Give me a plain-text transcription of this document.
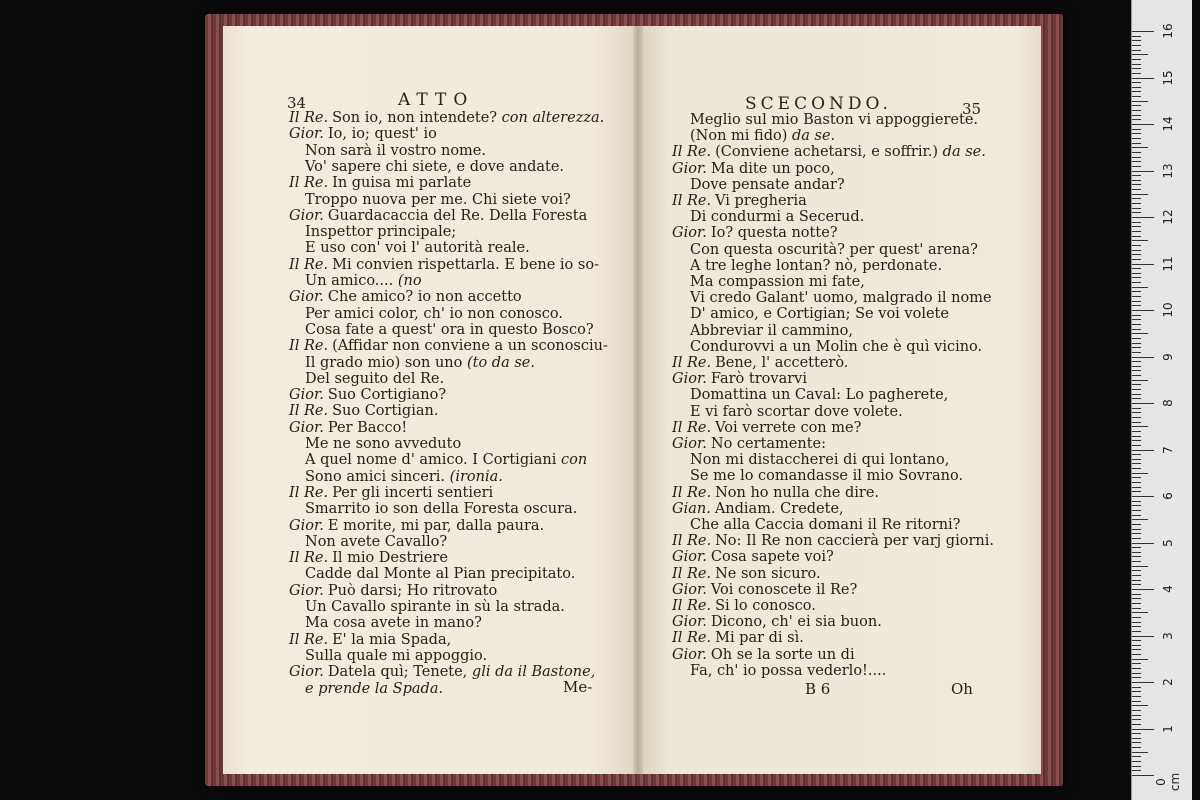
34	ATTO	SCECONDO.	35
Il Re. Son io, non intendete? con alterezza.
Gior. Io, io; quest' io
Non sarà il vostro nome.
Vo' sapere chi siete, e dove andate.
Il Re. In guisa mi parlate
Troppo nuova per me. Chi siete voi?
Gior. Guardacaccia del Re. Della Foresta
Inspettor principale;
E uso con' voi l' autorità reale.
Il Re. Mi convien rispettarla. E bene io so-
Un amico.... (no
Gior. Che amico? io non accetto
Per amici color, ch' io non conosco.
Cosa fate a quest' ora in questo Bosco?
Il Re. (Affidar non conviene a un sconosciu-
Il grado mio) son uno (to da se.
Del seguito del Re.
Gior. Suo Cortigiano?
Il Re. Suo Cortigian.
Gior. Per Bacco!
Me ne sono avveduto
A quel nome d' amico. I Cortigiani con
Sono amici sinceri. (ironia.
Il Re. Per gli incerti sentieri
Smarrito io son della Foresta oscura.
Gior. E morite, mi par, dalla paura.
Non avete Cavallo?
Il Re. Il mio Destriere
Cadde dal Monte al Pian precipitato.
Gior. Può darsi; Ho ritrovato
Un Cavallo spirante in sù la strada.
Ma cosa avete in mano?
Il Re. E' la mia Spada,
Sulla quale mi appoggio.
Gior. Datela quì; Tenete, gli da il Bastone,
e prende la Spada.
Meglio sul mio Baston vi appoggierete.
(Non mi fido) da se.
Il Re. (Conviene achetarsi, e soffrir.) da se.
Gior. Ma dite un poco,
Dove pensate andar?
Il Re. Vi pregheria
Di condurmi a Secerud.
Gior. Io? questa notte?
Con questa oscurità? per quest' arena?
A tre leghe lontan? nò, perdonate.
Ma compassion mi fate,
Vi credo Galant' uomo, malgrado il nome
D' amico, e Cortigian; Se voi volete
Abbreviar il cammino,
Condurovvi a un Molin che è quì vicino.
Il Re. Bene, l' accetterò.
Gior. Farò trovarvi
Domattina un Caval: Lo pagherete,
E vi farò scortar dove volete.
Il Re. Voi verrete con me?
Gior. No certamente:
Non mi distaccherei di qui lontano,
Se me lo comandasse il mio Sovrano.
Il Re. Non ho nulla che dire.
Gian. Andiam. Credete,
Che alla Caccia domani il Re ritorni?
Il Re. No: Il Re non caccierà per varj giorni.
Gior. Cosa sapete voi?
Il Re. Ne son sicuro.
Gior. Voi conoscete il Re?
Il Re. Si lo conosco.
Gior. Dicono, ch' ei sia buon.
Il Re. Mi par di sì.
Gior. Oh se la sorte un di
Fa, ch' io possa vederlo!....
Me-	B 6	Oh
0 cm
1
2
3
4
5
6
7
8
9
10
11
12
13
14
15
16
